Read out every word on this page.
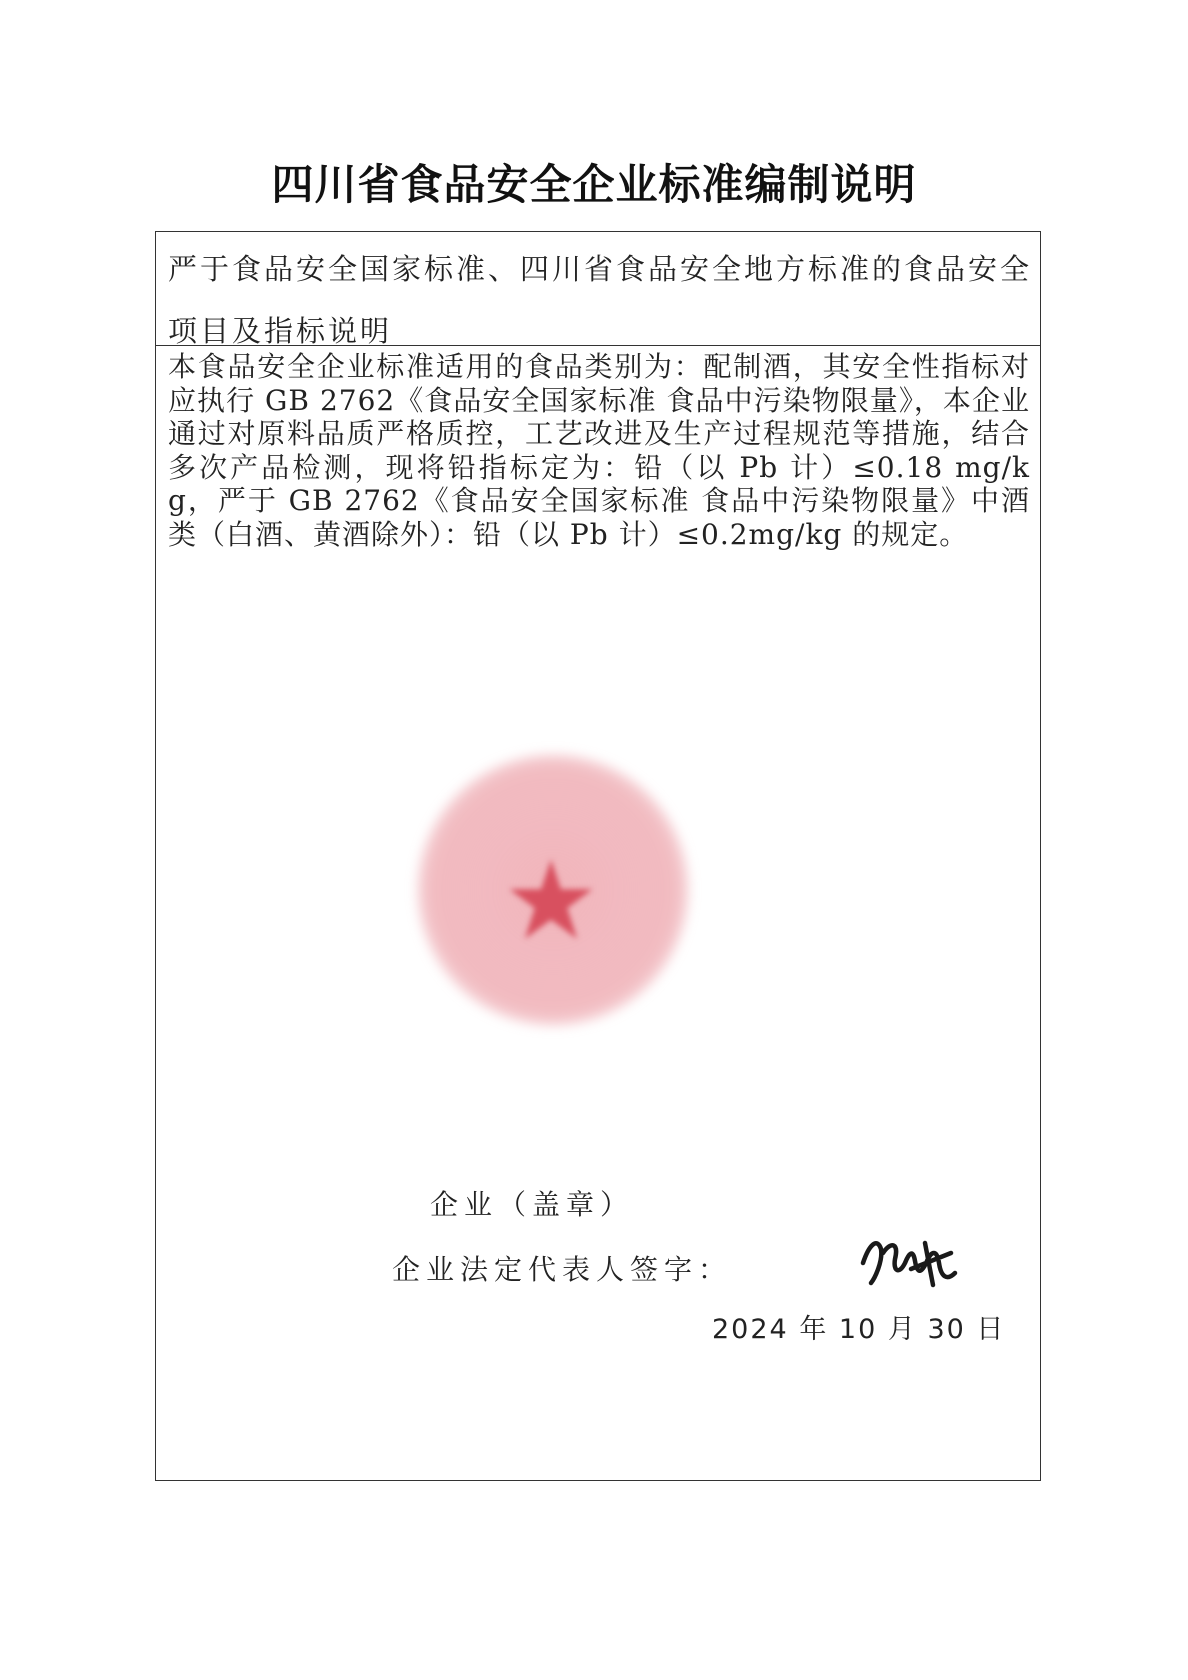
四川省食品安全企业标准编制说明
严于食品安全国家标准、四川省食品安全地方标准的食品安全
项目及指标说明
本食品安全企业标准适用的食品类别为：配制酒，其安全性指标对应执行 GB 2762《食品安全国家标准 食品中污染物限量》，本企业通过对原料品质严格质控，工艺改进及生产过程规范等措施，结合多次产品检测，现将铅指标定为：铅（以 Pb 计）≤0.18 mg/kg，严于 GB 2762《食品安全国家标准 食品中污染物限量》中酒类（白酒、黄酒除外）：铅（以 Pb 计）≤0.2mg/kg 的规定。
企业（盖章）
企业法定代表人签字：
2024 年 10 月 30 日
